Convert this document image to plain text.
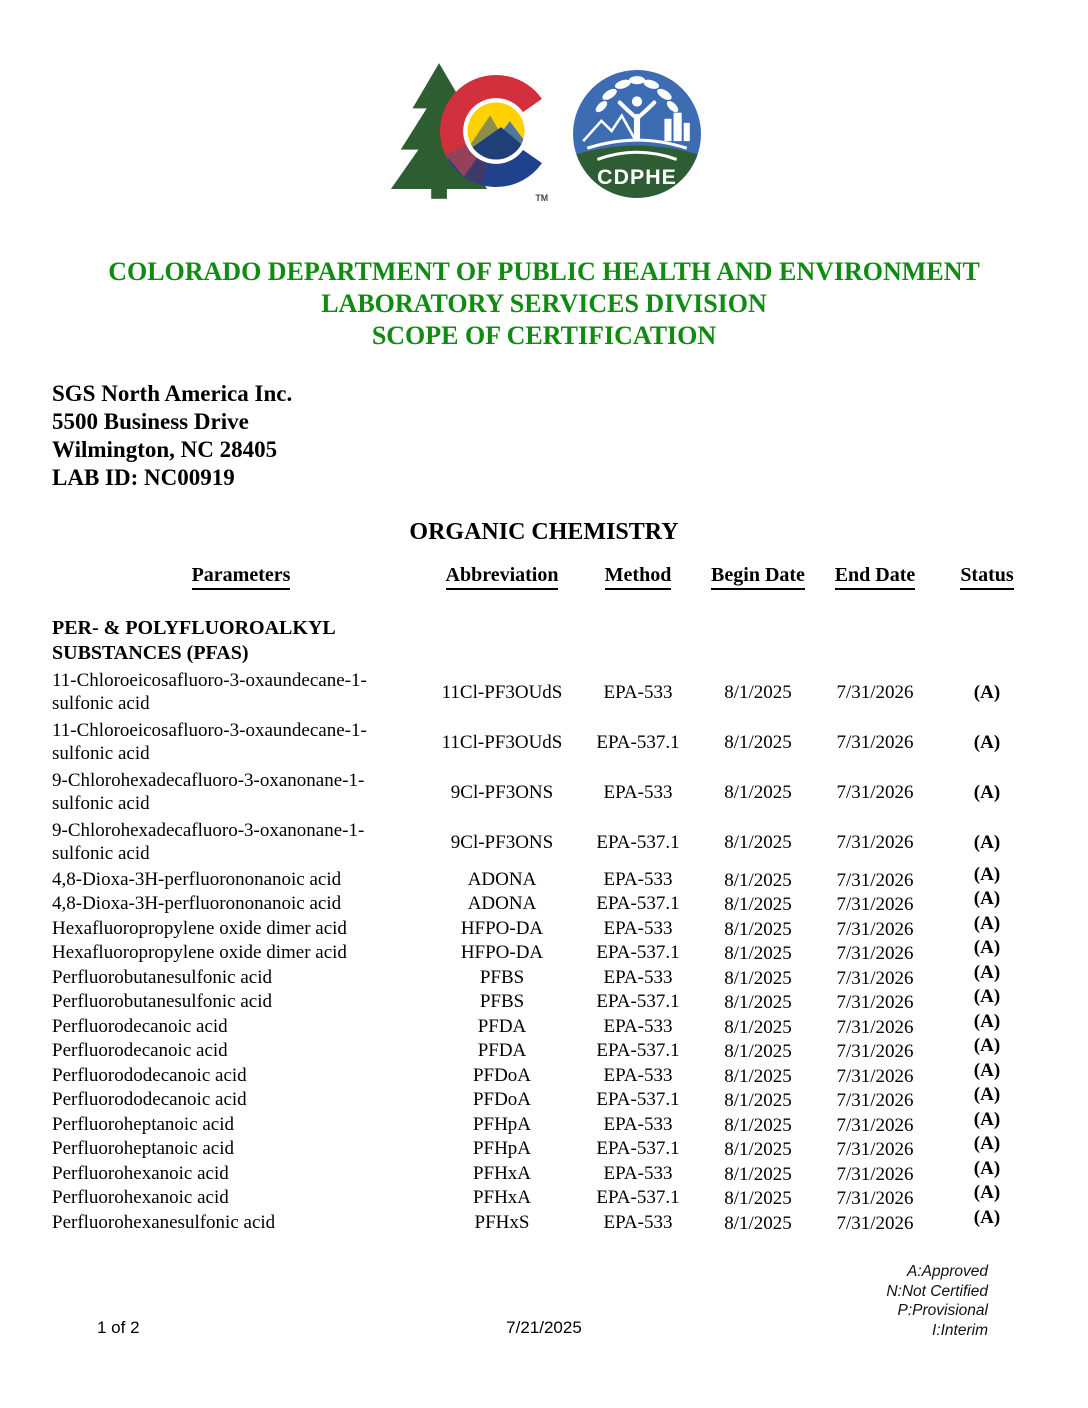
TM
CDPHE
COLORADO DEPARTMENT OF PUBLIC HEALTH AND ENVIRONMENT
LABORATORY SERVICES DIVISION
SCOPE OF CERTIFICATION
SGS North America Inc.
5500 Business Drive
Wilmington, NC 28405
LAB ID: NC00919
ORGANIC CHEMISTRY
Parameters	Abbreviation	Method	Begin Date	End Date	Status
PER- & POLYFLUOROALKYL
SUBSTANCES (PFAS)
11-Chloroeicosafluoro-3-oxaundecane-1-sulfonic acid
11Cl-PF3OUdS	EPA-533	8/1/2025	7/31/2026	(A)
11-Chloroeicosafluoro-3-oxaundecane-1-sulfonic acid
11Cl-PF3OUdS	EPA-537.1	8/1/2025	7/31/2026	(A)
9-Chlorohexadecafluoro-3-oxanonane-1-sulfonic acid
9Cl-PF3ONS	EPA-533	8/1/2025	7/31/2026	(A)
9-Chlorohexadecafluoro-3-oxanonane-1-sulfonic acid
9Cl-PF3ONS	EPA-537.1	8/1/2025	7/31/2026	(A)
4,8-Dioxa-3H-perfluorononanoic acid	ADONA	EPA-533	8/1/2025	7/31/2026	(A)
4,8-Dioxa-3H-perfluorononanoic acid	ADONA	EPA-537.1	8/1/2025	7/31/2026	(A)
Hexafluoropropylene oxide dimer acid	HFPO-DA	EPA-533	8/1/2025	7/31/2026	(A)
Hexafluoropropylene oxide dimer acid	HFPO-DA	EPA-537.1	8/1/2025	7/31/2026	(A)
Perfluorobutanesulfonic acid	PFBS	EPA-533	8/1/2025	7/31/2026	(A)
Perfluorobutanesulfonic acid	PFBS	EPA-537.1	8/1/2025	7/31/2026	(A)
Perfluorodecanoic acid	PFDA	EPA-533	8/1/2025	7/31/2026	(A)
Perfluorodecanoic acid	PFDA	EPA-537.1	8/1/2025	7/31/2026	(A)
Perfluorododecanoic acid	PFDoA	EPA-533	8/1/2025	7/31/2026	(A)
Perfluorododecanoic acid	PFDoA	EPA-537.1	8/1/2025	7/31/2026	(A)
Perfluoroheptanoic acid	PFHpA	EPA-533	8/1/2025	7/31/2026	(A)
Perfluoroheptanoic acid	PFHpA	EPA-537.1	8/1/2025	7/31/2026	(A)
Perfluorohexanoic acid	PFHxA	EPA-533	8/1/2025	7/31/2026	(A)
Perfluorohexanoic acid	PFHxA	EPA-537.1	8/1/2025	7/31/2026	(A)
Perfluorohexanesulfonic acid	PFHxS	EPA-533	8/1/2025	7/31/2026	(A)
A:Approved
N:Not Certified
P:Provisional
I:Interim
1 of 2	7/21/2025
